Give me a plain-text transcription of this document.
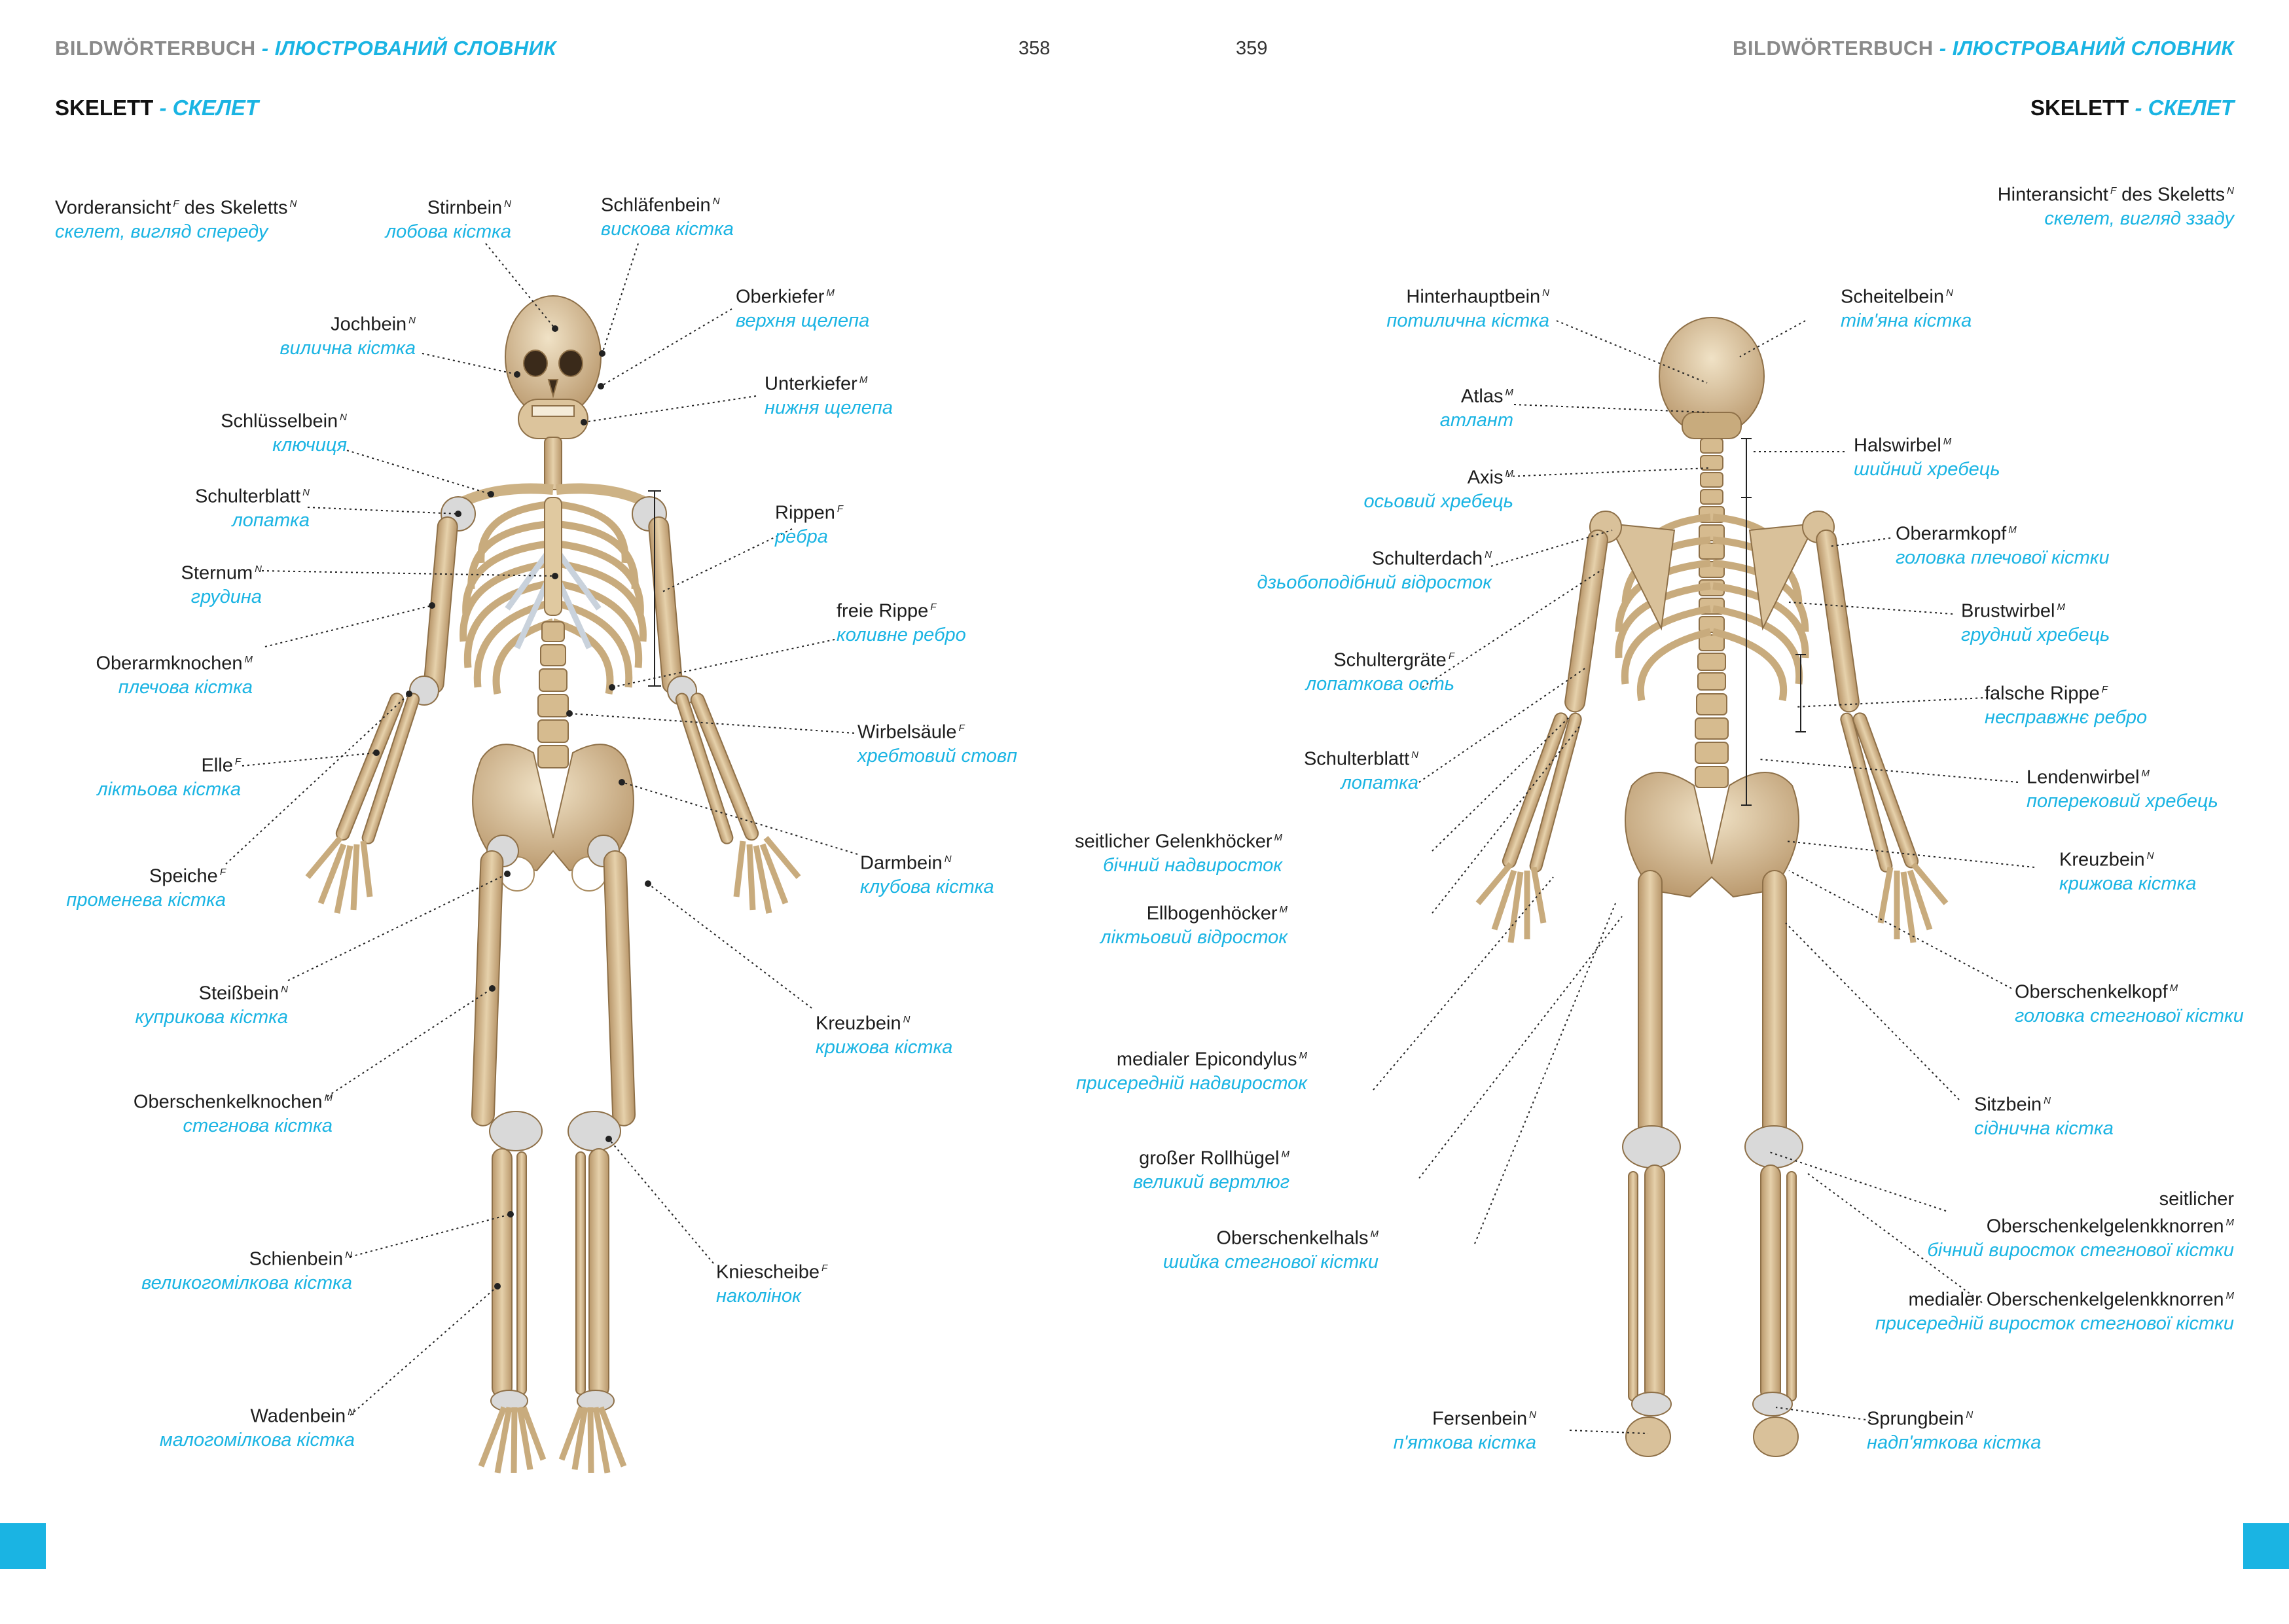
BILDWÖRTERBUCH - ІЛЮСТРОВАНИЙ СЛОВНИК	358
SKELETT - СКЕЛЕТ
Vorderansicht $^F$ des Skeletts $^N$
скелет, вигляд спереду
Stirnbein $^N$
лобова кістка
Schläfenbein $^N$
вискова кістка
Oberkiefer $^M$
верхня щелепа
Jochbein $^N$
вилична кістка
Unterkiefer $^M$
нижня щелепа
Schlüsselbein $^N$
ключиця
Schulterblatt $^N$
лопатка	Rippen $^F$
ребра
Sternum $^N$
грудина
freie Rippe $^F$
коливне ребро
Oberarmknochen $^M$
плечова кістка
Wirbelsäule $^F$
хребтовий стовп
Elle $^F$
ліктьова кістка
Speiche $^F$
променева кістка
Darmbein $^N$
клубова кістка
Steißbein $^N$
куприкова кістка	Kreuzbein $^N$
крижова кістка
Oberschenkelknochen $^M$
стегнова кістка
Schienbein $^N$
великогомілкова кістка	Kniescheibe $^F$
наколінок
Wadenbein $^N$
малогомілкова кістка
359	BILDWÖRTERBUCH - ІЛЮСТРОВАНИЙ СЛОВНИК
SKELETT - СКЕЛЕТ
Hinteransicht $^F$ des Skeletts $^N$
скелет, вигляд ззаду
Hinterhauptbein $^N$
потилична кістка
Scheitelbein $^N$
тім'яна кістка
Atlas $^M$
атлант
Halswirbel $^M$
шийний хребець
Axis $^M$
осьовий хребець
Oberarmkopf $^M$
головка плечової кістки
Schulterdach $^N$
дзьобоподібний відросток
Brustwirbel $^M$
грудний хребець
Schultergräte $^F$
лопаткова ость	falsche Rippe $^F$
несправжнє ребро
Schulterblatt $^N$
лопатка	Lendenwirbel $^M$
поперековий хребець
seitlicher Gelenkhöcker $^M$
бічний надвиросток	Kreuzbein $^N$
крижова кістка
Ellbogenhöcker $^M$
ліктьовий відросток
Oberschenkelkopf $^M$
головка стегнової кістки
medialer Epicondylus $^M$
присередній надвиросток
Sitzbein $^N$
сіднична кістка
großer Rollhügel $^M$
великий вертлюг
Oberschenkelhals $^M$
шийка стегнової кістки
seitlicher
Oberschenkelgelenkknorren $^M$
бічний виросток стегнової кістки
medialer Oberschenkelgelenkknorren $^M$
присередній виросток стегнової кістки
Fersenbein $^N$
п'яткова кістка
Sprungbein $^N$
надп'яткова кістка
